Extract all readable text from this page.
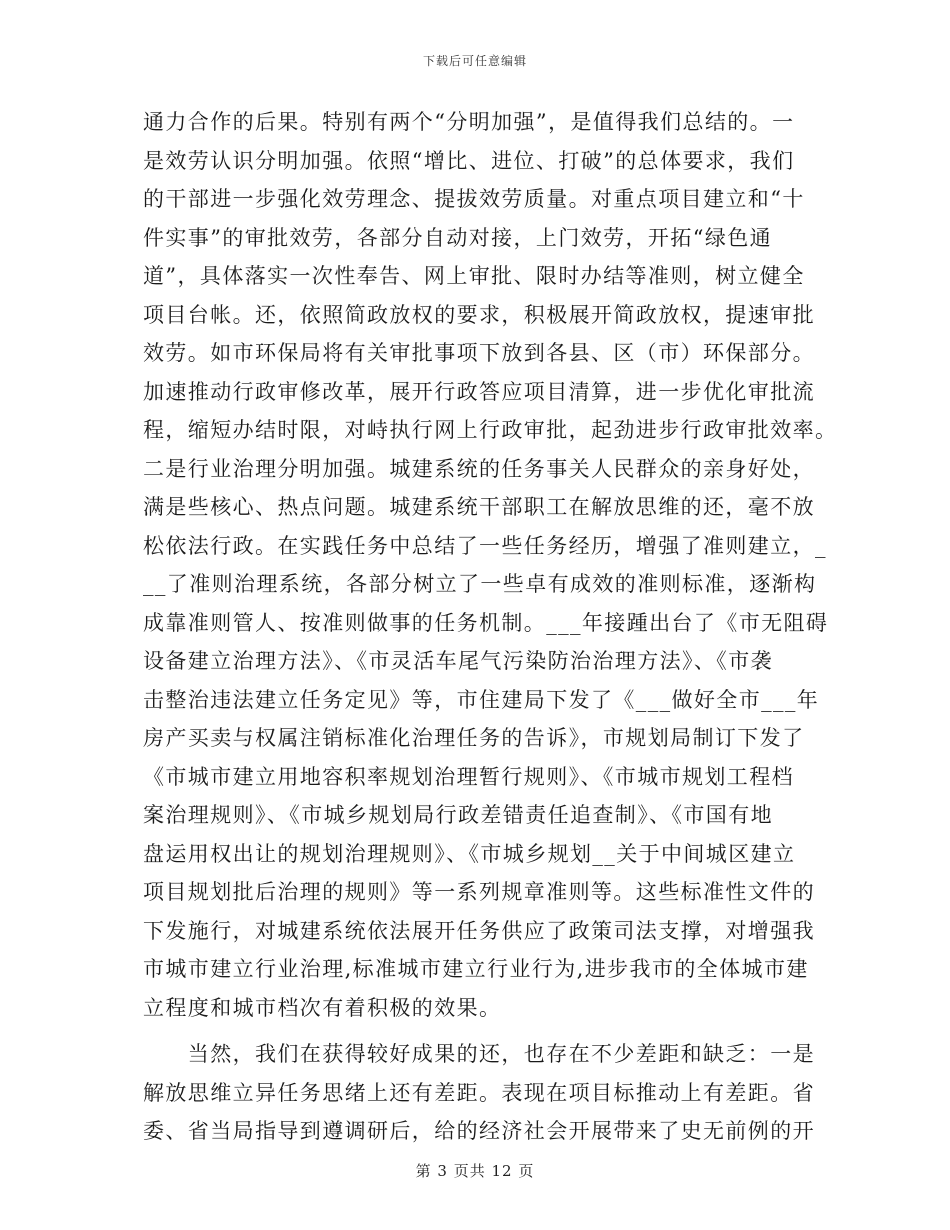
下载后可任意编辑
通力合作的后果。特别有两个“分明加强”，是值得我们总结的。一
是效劳认识分明加强。依照“增比、进位、打破”的总体要求，我们
的干部进一步强化效劳理念、提拔效劳质量。对重点项目建立和“十
件实事”的审批效劳，各部分自动对接，上门效劳，开拓“绿色通
道”，具体落实一次性奉告、网上审批、限时办结等准则，树立健全
项目台帐。还，依照简政放权的要求，积极展开简政放权，提速审批
效劳。如市环保局将有关审批事项下放到各县、区（市）环保部分。
加速推动行政审修改革，展开行政答应项目清算，进一步优化审批流
程，缩短办结时限，对峙执行网上行政审批，起劲进步行政审批效率。
二是行业治理分明加强。城建系统的任务事关人民群众的亲身好处，
满是些核心、热点问题。城建系统干部职工在解放思维的还，毫不放
松依法行政。在实践任务中总结了一些任务经历，增强了准则建立，_
__了准则治理系统，各部分树立了一些卓有成效的准则标准，逐渐构
成靠准则管人、按准则做事的任务机制。___年接踵出台了《市无阻碍
设备建立治理方法》、《市灵活车尾气污染防治治理方法》、《市袭
击整治违法建立任务定见》等，市住建局下发了《___做好全市___年
房产买卖与权属注销标准化治理任务的告诉》，市规划局制订下发了
《市城市建立用地容积率规划治理暂行规则》、《市城市规划工程档
案治理规则》、《市城乡规划局行政差错责任追查制》、《市国有地
盘运用权出让的规划治理规则》、《市城乡规划__关于中间城区建立
项目规划批后治理的规则》等一系列规章准则等。这些标准性文件的
下发施行，对城建系统依法展开任务供应了政策司法支撑，对增强我
市城市建立行业治理,标准城市建立行业行为,进步我市的全体城市建
立程度和城市档次有着积极的效果。
　　当然，我们在获得较好成果的还，也存在不少差距和缺乏：一是
解放思维立异任务思绪上还有差距。表现在项目标推动上有差距。省
委、省当局指导到遵调研后，给的经济社会开展带来了史无前例的开
第 3 页共 12 页
